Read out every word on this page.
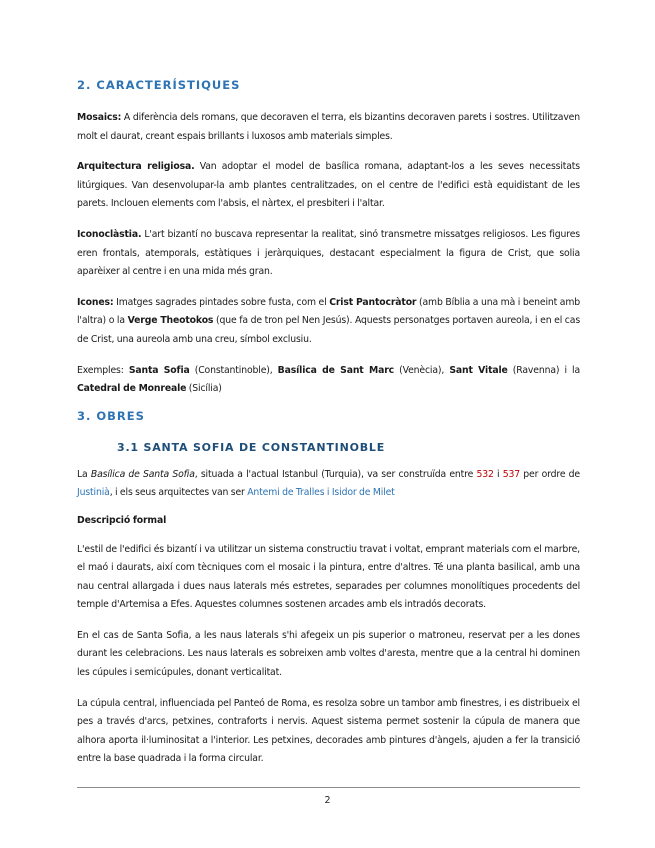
2. CARACTERÍSTIQUES

Mosaics: A diferència dels romans, que decoraven el terra, els bizantins decoraven parets i sostres. Utilitzaven molt el daurat, creant espais brillants i luxosos amb materials simples.

Arquitectura religiosa. Van adoptar el model de basílica romana, adaptant-los a les seves necessitats litúrgiques. Van desenvolupar-la amb plantes centralitzades, on el centre de l'edifici està equidistant de les parets. Inclouen elements com l'absis, el nàrtex, el presbiteri i l'altar.

Iconoclàstia. L'art bizantí no buscava representar la realitat, sinó transmetre missatges religiosos. Les figures eren frontals, atemporals, estàtiques i jeràrquiques, destacant especialment la figura de Crist, que solia aparèixer al centre i en una mida més gran.

Icones: Imatges sagrades pintades sobre fusta, com el Crist Pantocràtor (amb Bíblia a una mà i beneint amb l'altra) o la Verge Theotokos (que fa de tron pel Nen Jesús). Aquests personatges portaven aureola, i en el cas de Crist, una aureola amb una creu, símbol exclusiu.

Exemples: Santa Sofia (Constantinoble), Basílica de Sant Marc (Venècia), Sant Vitale (Ravenna) i la Catedral de Monreale (Sicília)

3. OBRES
3.1 SANTA SOFIA DE CONSTANTINOBLE

La Basílica de Santa Sofia, situada a l'actual Istanbul (Turquia), va ser construïda entre 532 i 537 per ordre de Justinià, i els seus arquitectes van ser Antemi de Tralles i Isidor de Milet

Descripció formal

L'estil de l'edifici és bizantí i va utilitzar un sistema constructiu travat i voltat, emprant materials com el marbre, el maó i daurats, així com tècniques com el mosaic i la pintura, entre d'altres. Té una planta basilical, amb una nau central allargada i dues naus laterals més estretes, separades per columnes monolítiques procedents del temple d'Artemisa a Efes. Aquestes columnes sostenen arcades amb els intradós decorats.

En el cas de Santa Sofia, a les naus laterals s'hi afegeix un pis superior o matroneu, reservat per a les dones durant les celebracions. Les naus laterals es sobreixen amb voltes d'aresta, mentre que a la central hi dominen les cúpules i semicúpules, donant verticalitat.

La cúpula central, influenciada pel Panteó de Roma, es resolza sobre un tambor amb finestres, i es distribueix el pes a través d'arcs, petxines, contraforts i nervis. Aquest sistema permet sostenir la cúpula de manera que alhora aporta il·luminositat a l'interior. Les petxines, decorades amb pintures d'àngels, ajuden a fer la transició entre la base quadrada i la forma circular.

2
